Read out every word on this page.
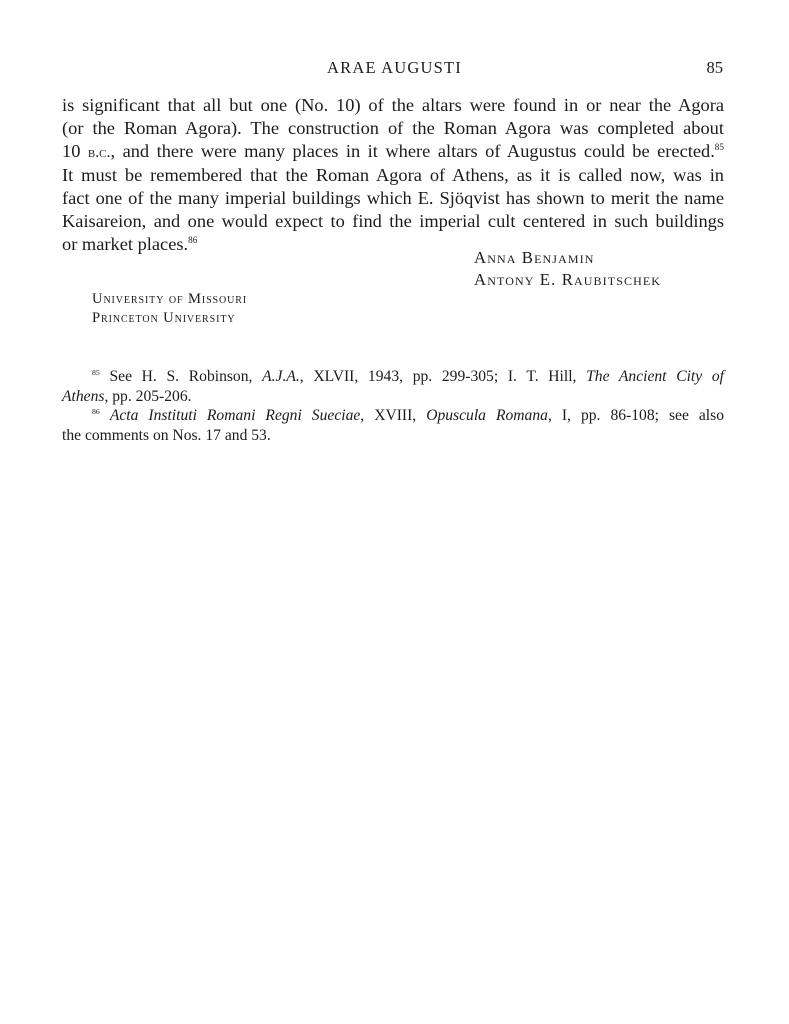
ARAE AUGUSTI	85
is significant that all but one (No. 10) of the altars were found in or near the Agora
(or the Roman Agora). The construction of the Roman Agora was completed about
10 b.c., and there were many places in it where altars of Augustus could be erected.$^{85}$
It must be remembered that the Roman Agora of Athens, as it is called now, was in
fact one of the many imperial buildings which E. Sjöqvist has shown to merit the name
Kaisareion, and one would expect to find the imperial cult centered in such buildings
or market places.$^{86}$
Anna Benjamin
Antony E. Raubitschek
University of Missouri
Princeton University
$^{85}$ See H. S. Robinson, A.J.A., XLVII, 1943, pp. 299-305; I. T. Hill, The Ancient City of
Athens, pp. 205-206.
$^{86}$ Acta Instituti Romani Regni Sueciae, XVIII, Opuscula Romana, I, pp. 86-108; see also
the comments on Nos. 17 and 53.
